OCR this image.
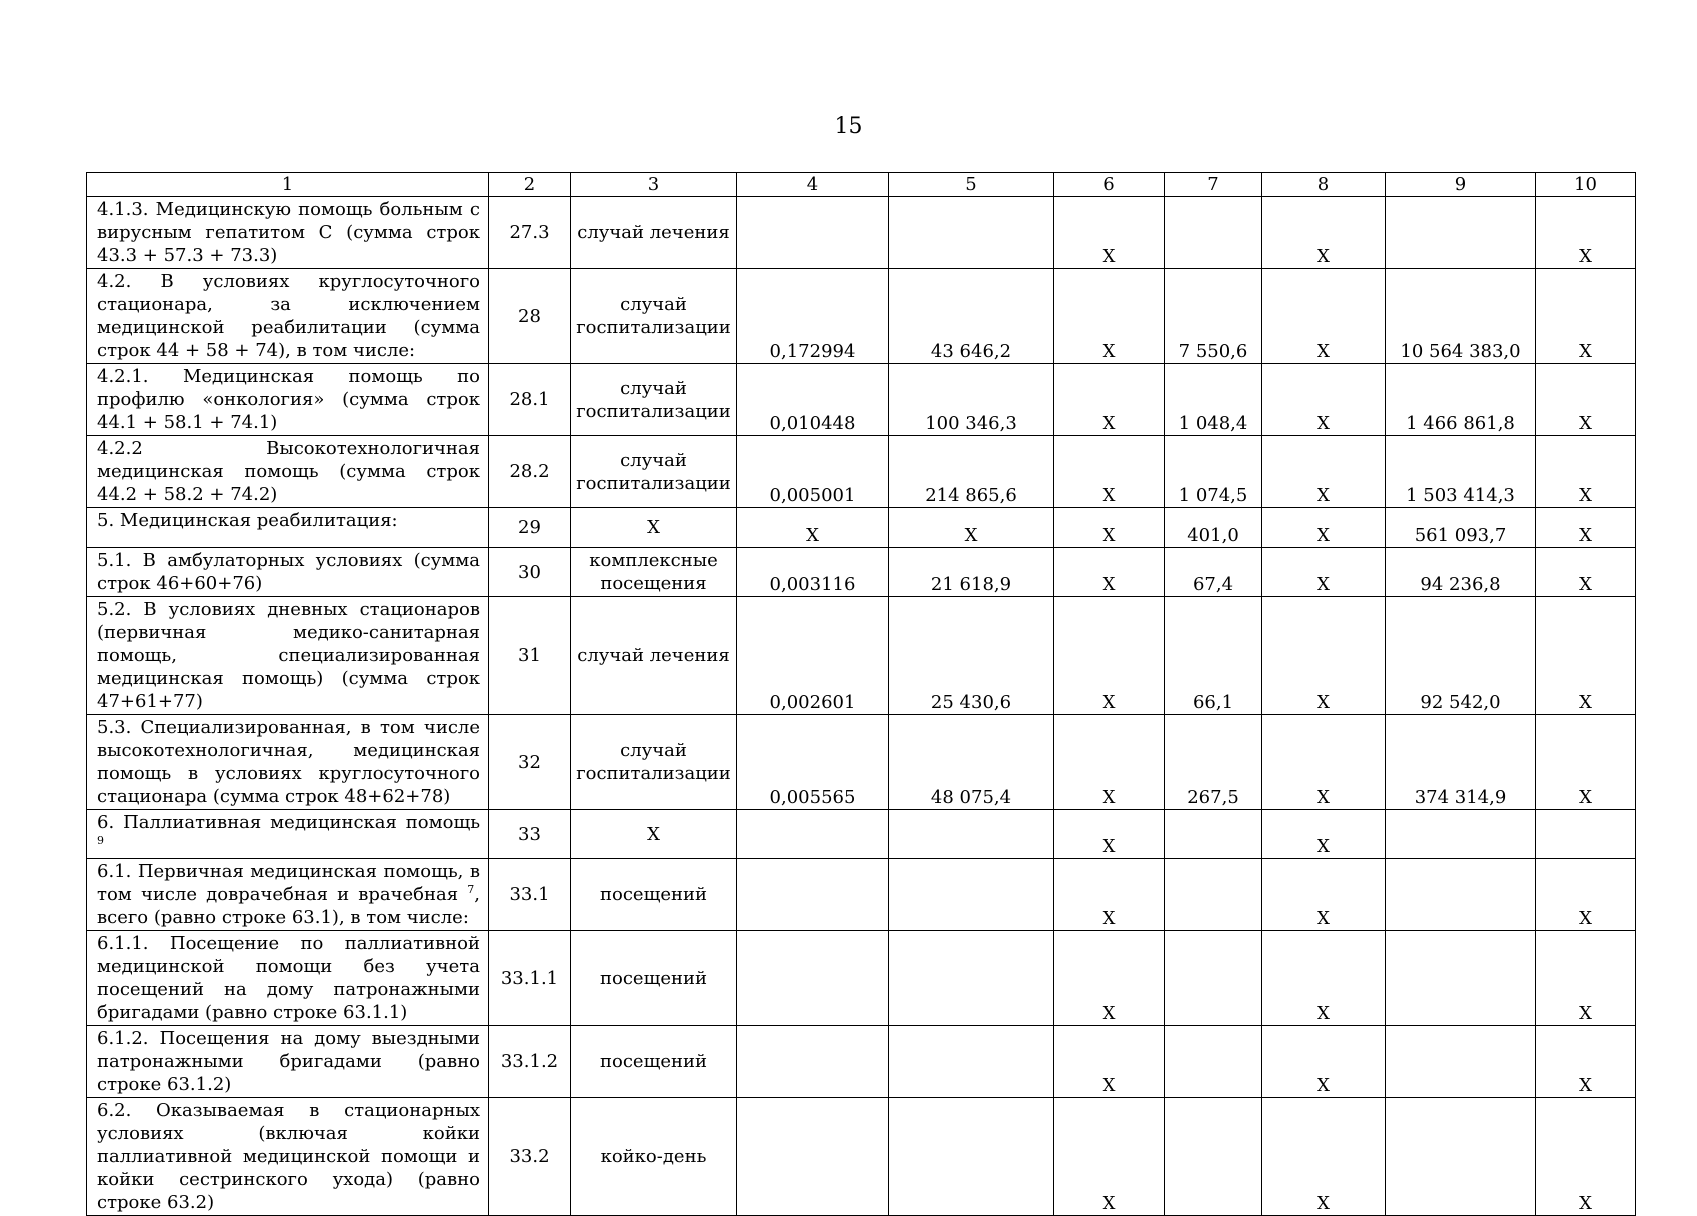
15
1	2	3	4	5	6	7	8	9	10
4.1.3. Медицинскую помощь больным с вирусным гепатитом С (сумма строк 43.3 + 57.3 + 73.3)	27.3	случай лечения			Х		Х		Х
4.2. В условиях круглосуточного стационара, за исключением медицинской реабилитации (сумма строк 44 + 58 + 74), в том числе:	28	случай госпитализации	0,172994	43 646,2	Х	7 550,6	Х	10 564 383,0	Х
4.2.1. Медицинская помощь по профилю «онкология» (сумма строк 44.1 + 58.1 + 74.1)	28.1	случай госпитализации	0,010448	100 346,3	Х	1 048,4	Х	1 466 861,8	Х
4.2.2 Высокотехнологичная медицинская помощь (сумма строк 44.2 + 58.2 + 74.2)	28.2	случай госпитализации	0,005001	214 865,6	Х	1 074,5	Х	1 503 414,3	Х
5. Медицинская реабилитация:	29	Х	Х	Х	Х	401,0	Х	561 093,7	Х
5.1. В амбулаторных условиях (сумма строк 46+60+76)	30	комплексные посещения	0,003116	21 618,9	Х	67,4	Х	94 236,8	Х
5.2. В условиях дневных стационаров (первичная медико-санитарная помощь, специализированная медицинская помощь) (сумма строк 47+61+77)	31	случай лечения	0,002601	25 430,6	Х	66,1	Х	92 542,0	Х
5.3. Специализированная, в том числе высокотехнологичная, медицинская помощь в условиях круглосуточного стационара (сумма строк 48+62+78)	32	случай госпитализации	0,005565	48 075,4	Х	267,5	Х	374 314,9	Х
6. Паллиативная медицинская помощь $^9$	33	Х			Х		Х		
6.1. Первичная медицинская помощь, в том числе доврачебная и врачебная $^7$, всего (равно строке 63.1), в том числе:	33.1	посещений			Х		Х		Х
6.1.1. Посещение по паллиативной медицинской помощи без учета посещений на дому патронажными бригадами (равно строке 63.1.1)	33.1.1	посещений			Х		Х		Х
6.1.2. Посещения на дому выездными патронажными бригадами (равно строке 63.1.2)	33.1.2	посещений			Х		Х		Х
6.2. Оказываемая в стационарных условиях (включая койки паллиативной медицинской помощи и койки сестринского ухода) (равно строке 63.2)	33.2	койко-день			Х		Х		Х
